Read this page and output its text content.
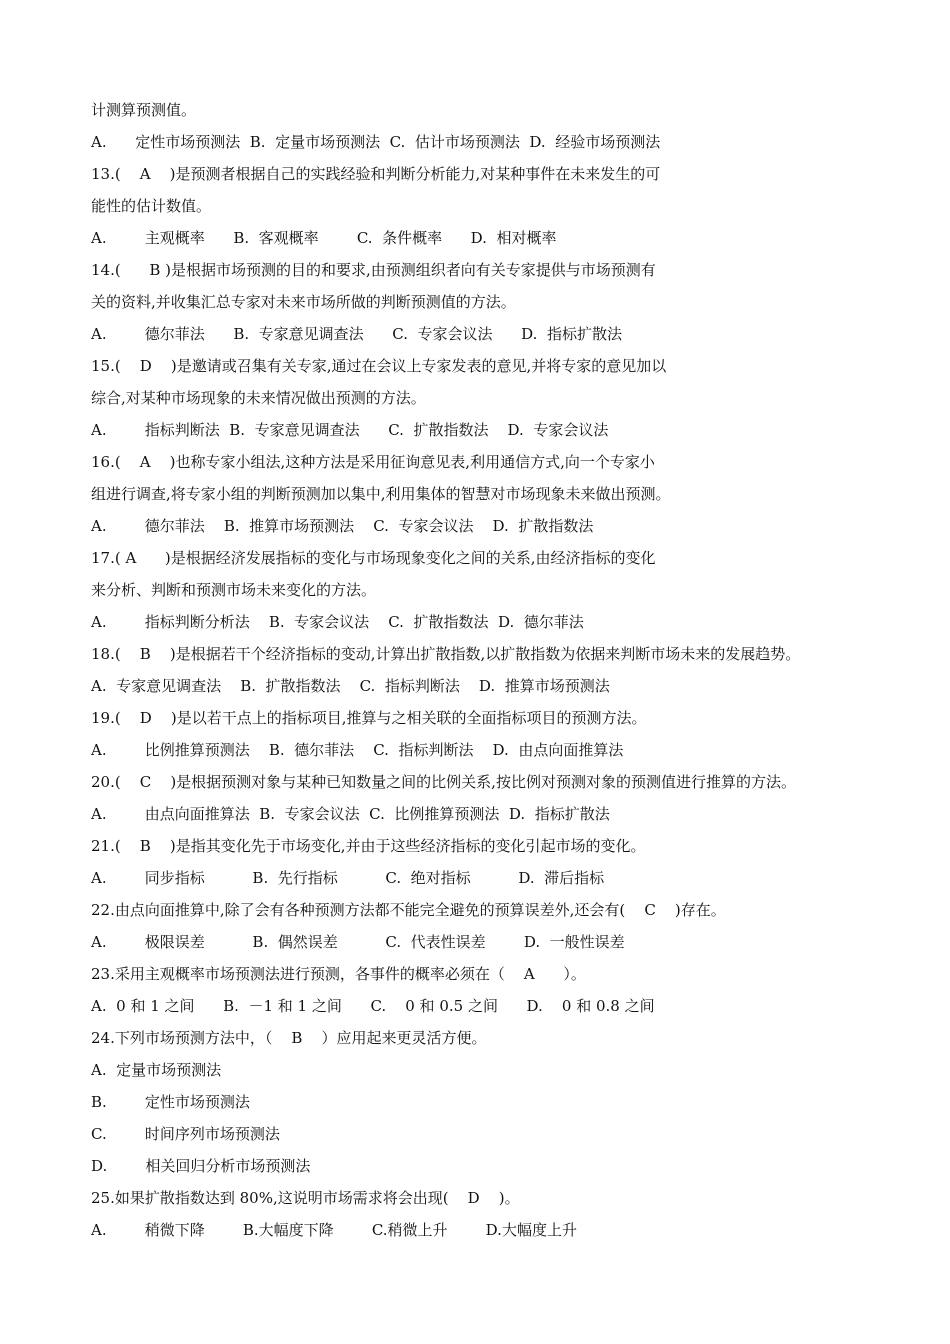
计测算预测值。
A.      定性市场预测法  B.  定量市场预测法  C.  估计市场预测法  D.  经验市场预测法
13.(    A    )是预测者根据自己的实践经验和判断分析能力,对某种事件在未来发生的可
能性的估计数值。
A.        主观概率      B.  客观概率        C.  条件概率      D.  相对概率
14.(      B )是根据市场预测的目的和要求,由预测组织者向有关专家提供与市场预测有
关的资料,并收集汇总专家对未来市场所做的判断预测值的方法。
A.        德尔菲法      B.  专家意见调查法      C.  专家会议法      D.  指标扩散法
15.(    D    )是邀请或召集有关专家,通过在会议上专家发表的意见,并将专家的意见加以
综合,对某种市场现象的未来情况做出预测的方法。
A.        指标判断法  B.  专家意见调查法      C.  扩散指数法    D.  专家会议法
16.(    A    )也称专家小组法,这种方法是采用征询意见表,利用通信方式,向一个专家小
组进行调查,将专家小组的判断预测加以集中,利用集体的智慧对市场现象未来做出预测。
A.        德尔菲法    B.  推算市场预测法    C.  专家会议法    D.  扩散指数法
17.( A      )是根据经济发展指标的变化与市场现象变化之间的关系,由经济指标的变化
来分析、判断和预测市场未来变化的方法。
A.        指标判断分析法    B.  专家会议法    C.  扩散指数法  D.  德尔菲法
18.(    B    )是根据若干个经济指标的变动,计算出扩散指数,以扩散指数为依据来判断市场未来的发展趋势。
A.  专家意见调查法    B.  扩散指数法    C.  指标判断法    D.  推算市场预测法
19.(    D    )是以若干点上的指标项目,推算与之相关联的全面指标项目的预测方法。
A.        比例推算预测法    B.  德尔菲法    C.  指标判断法    D.  由点向面推算法
20.(    C    )是根据预测对象与某种已知数量之间的比例关系,按比例对预测对象的预测值进行推算的方法。
A.        由点向面推算法  B.  专家会议法  C.  比例推算预测法  D.  指标扩散法
21.(    B    )是指其变化先于市场变化,并由于这些经济指标的变化引起市场的变化。
A.        同步指标          B.  先行指标          C.  绝对指标          D.  滞后指标
22.由点向面推算中,除了会有各种预测方法都不能完全避免的预算误差外,还会有(    C    )存在。
A.        极限误差          B.  偶然误差          C.  代表性误差        D.  一般性误差
23.采用主观概率市场预测法进行预测，各事件的概率必须在（    A      ）。
A.  0 和 1 之间      B.  －1 和 1 之间      C.    0 和 0.5 之间      D.    0 和 0.8 之间
24.下列市场预测方法中，（    B    ）应用起来更灵活方便。
A.  定量市场预测法
B.        定性市场预测法
C.        时间序列市场预测法
D.        相关回归分析市场预测法
25.如果扩散指数达到 80%,这说明市场需求将会出现(    D    )。
A.        稍微下降        B.大幅度下降        C.稍微上升        D.大幅度上升
